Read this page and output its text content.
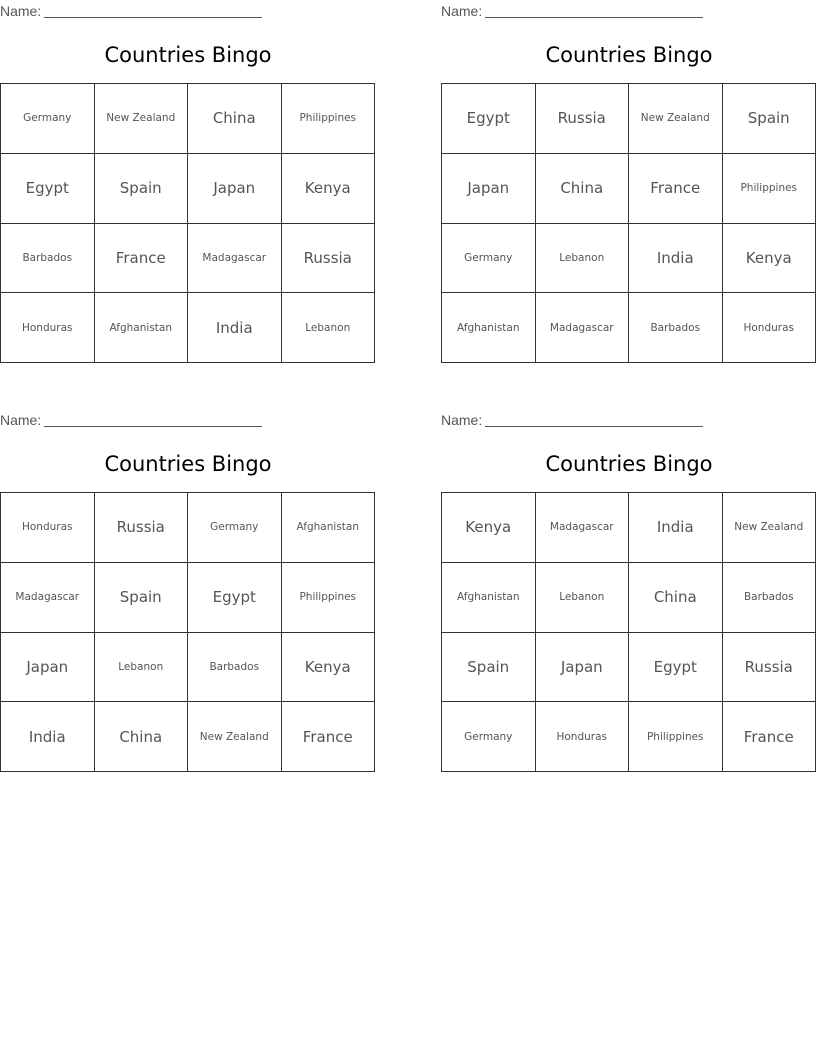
Name:
Countries Bingo
Germany	New Zealand	China	Philippines
Egypt	Spain	Japan	Kenya
Barbados	France	Madagascar	Russia
Honduras	Afghanistan	India	Lebanon
Name:
Countries Bingo
Egypt	Russia	New Zealand	Spain
Japan	China	France	Philippines
Germany	Lebanon	India	Kenya
Afghanistan	Madagascar	Barbados	Honduras
Name:
Countries Bingo
Honduras	Russia	Germany	Afghanistan
Madagascar	Spain	Egypt	Philippines
Japan	Lebanon	Barbados	Kenya
India	China	New Zealand	France
Name:
Countries Bingo
Kenya	Madagascar	India	New Zealand
Afghanistan	Lebanon	China	Barbados
Spain	Japan	Egypt	Russia
Germany	Honduras	Philippines	France
